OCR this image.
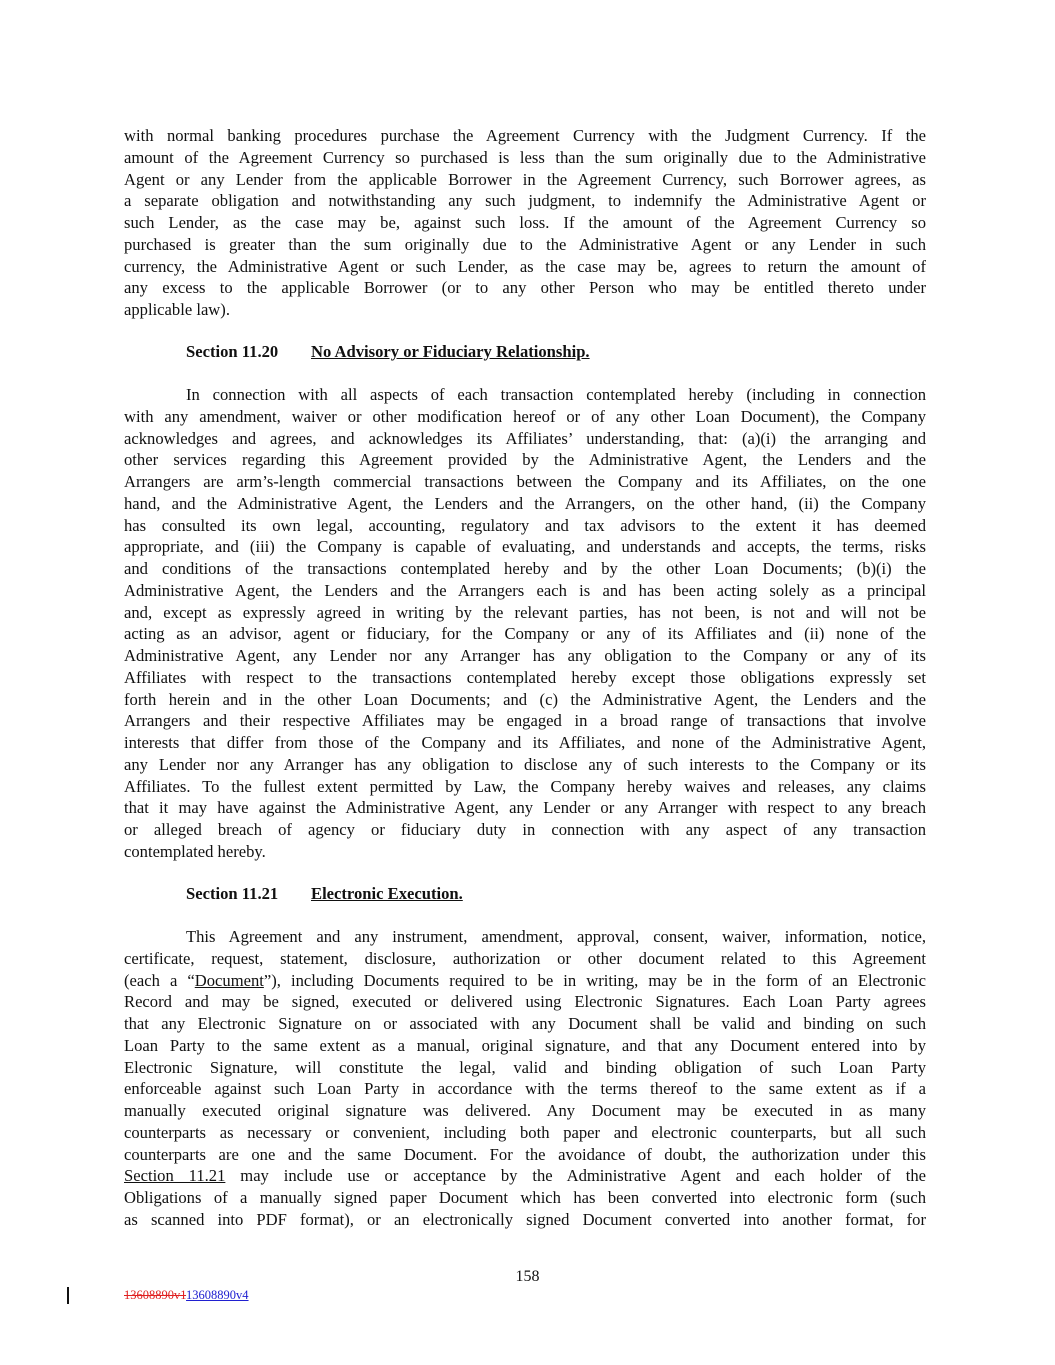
with normal banking procedures purchase the Agreement Currency with the Judgment Currency. If the
amount of the Agreement Currency so purchased is less than the sum originally due to the Administrative
Agent or any Lender from the applicable Borrower in the Agreement Currency, such Borrower agrees, as
a separate obligation and notwithstanding any such judgment, to indemnify the Administrative Agent or
such Lender, as the case may be, against such loss. If the amount of the Agreement Currency so
purchased is greater than the sum originally due to the Administrative Agent or any Lender in such
currency, the Administrative Agent or such Lender, as the case may be, agrees to return the amount of
any excess to the applicable Borrower (or to any other Person who may be entitled thereto under
applicable law).
Section 11.20 No Advisory or Fiduciary Relationship.
In connection with all aspects of each transaction contemplated hereby (including in connection
with any amendment, waiver or other modification hereof or of any other Loan Document), the Company
acknowledges and agrees, and acknowledges its Affiliates’ understanding, that: (a)(i) the arranging and
other services regarding this Agreement provided by the Administrative Agent, the Lenders and the
Arrangers are arm’s-length commercial transactions between the Company and its Affiliates, on the one
hand, and the Administrative Agent, the Lenders and the Arrangers, on the other hand, (ii) the Company
has consulted its own legal, accounting, regulatory and tax advisors to the extent it has deemed
appropriate, and (iii) the Company is capable of evaluating, and understands and accepts, the terms, risks
and conditions of the transactions contemplated hereby and by the other Loan Documents; (b)(i) the
Administrative Agent, the Lenders and the Arrangers each is and has been acting solely as a principal
and, except as expressly agreed in writing by the relevant parties, has not been, is not and will not be
acting as an advisor, agent or fiduciary, for the Company or any of its Affiliates and (ii) none of the
Administrative Agent, any Lender nor any Arranger has any obligation to the Company or any of its
Affiliates with respect to the transactions contemplated hereby except those obligations expressly set
forth herein and in the other Loan Documents; and (c) the Administrative Agent, the Lenders and the
Arrangers and their respective Affiliates may be engaged in a broad range of transactions that involve
interests that differ from those of the Company and its Affiliates, and none of the Administrative Agent,
any Lender nor any Arranger has any obligation to disclose any of such interests to the Company or its
Affiliates. To the fullest extent permitted by Law, the Company hereby waives and releases, any claims
that it may have against the Administrative Agent, any Lender or any Arranger with respect to any breach
or alleged breach of agency or fiduciary duty in connection with any aspect of any transaction
contemplated hereby.
Section 11.21 Electronic Execution.
This Agreement and any instrument, amendment, approval, consent, waiver, information, notice,
certificate, request, statement, disclosure, authorization or other document related to this Agreement
(each a “Document”), including Documents required to be in writing, may be in the form of an Electronic
Record and may be signed, executed or delivered using Electronic Signatures. Each Loan Party agrees
that any Electronic Signature on or associated with any Document shall be valid and binding on such
Loan Party to the same extent as a manual, original signature, and that any Document entered into by
Electronic Signature, will constitute the legal, valid and binding obligation of such Loan Party
enforceable against such Loan Party in accordance with the terms thereof to the same extent as if a
manually executed original signature was delivered. Any Document may be executed in as many
counterparts as necessary or convenient, including both paper and electronic counterparts, but all such
counterparts are one and the same Document. For the avoidance of doubt, the authorization under this
Section 11.21 may include use or acceptance by the Administrative Agent and each holder of the
Obligations of a manually signed paper Document which has been converted into electronic form (such
as scanned into PDF format), or an electronically signed Document converted into another format, for
158
13608890v113608890v4
